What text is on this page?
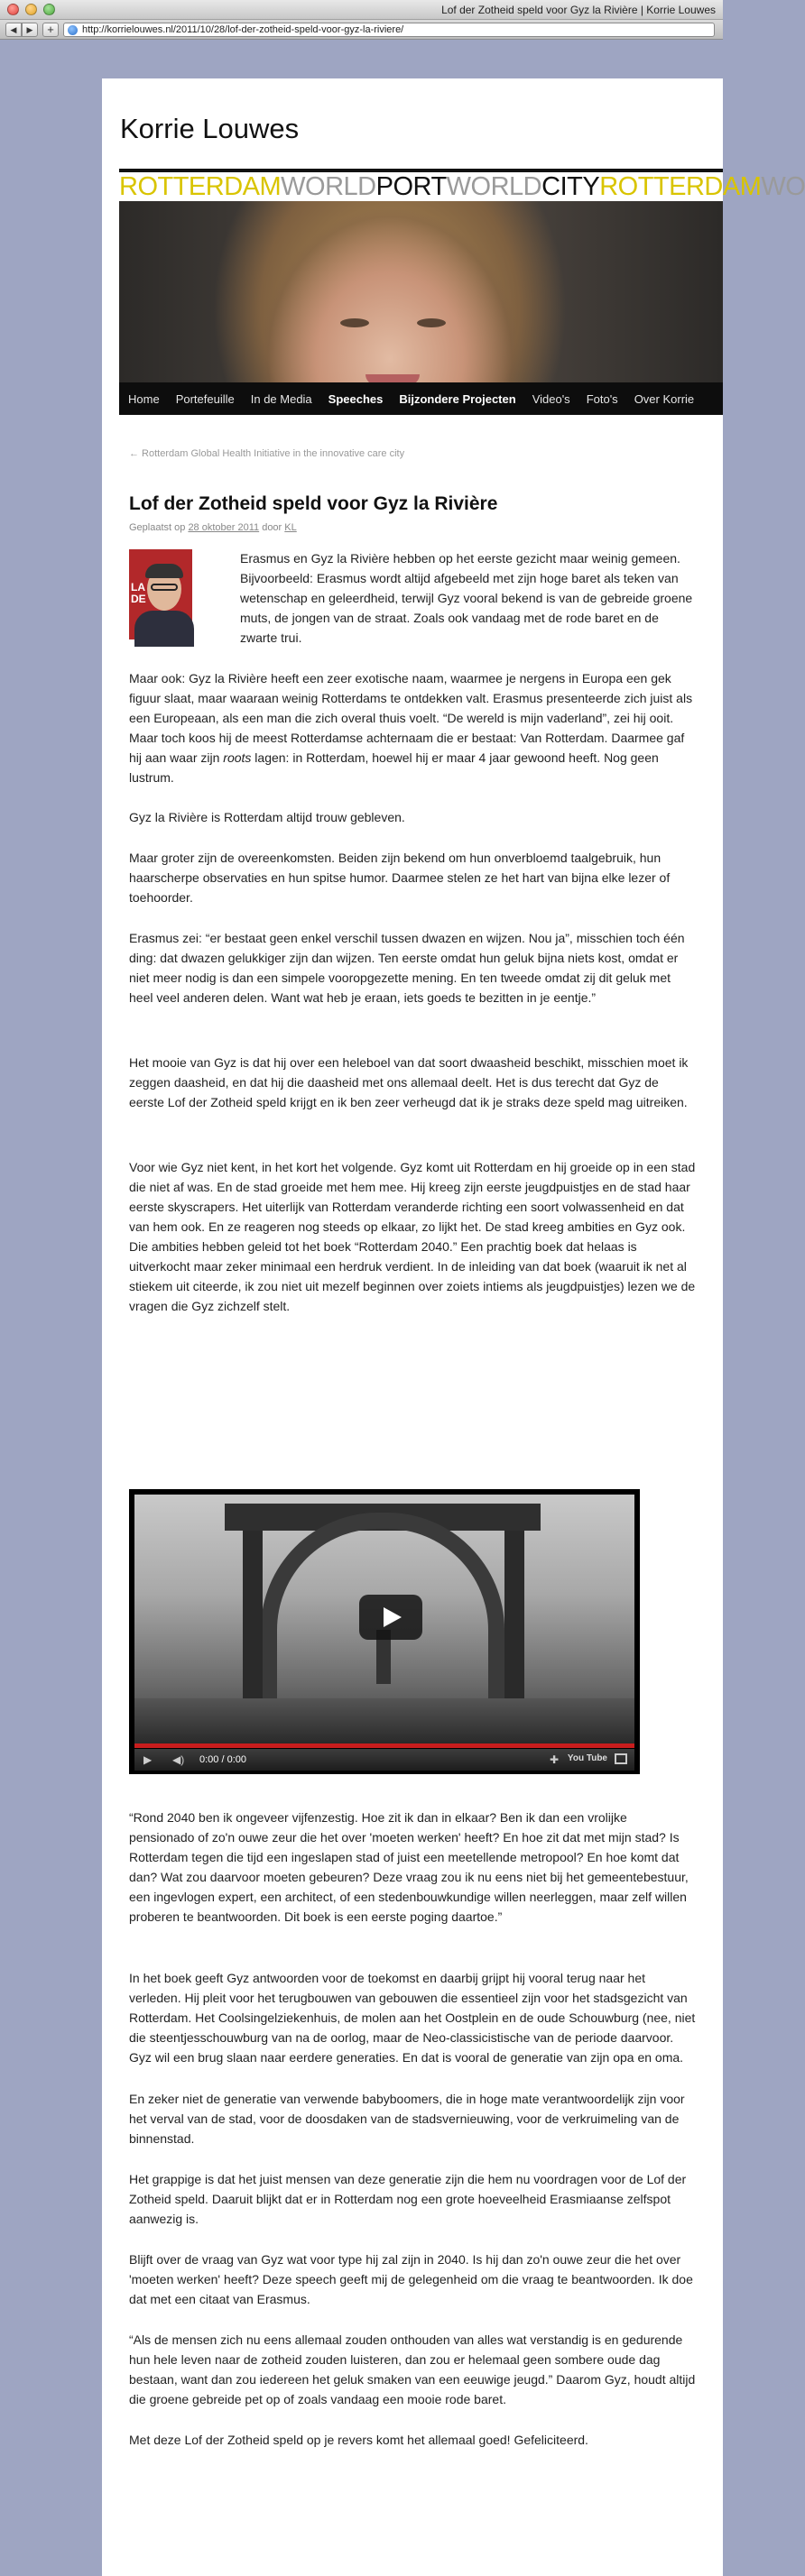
Lof der Zotheid speld voor Gyz la Rivière | Korrie Louwes
◀	▶	+	http://korrielouwes.nl/2011/10/28/lof-der-zotheid-speld-voor-gyz-la-riviere/
Korrie Louwes
ROTTERDAMWORLDPORTWORLDCITYROTTERDAMWO
Home Portefeuille In de Media Speeches Bijzondere Projecten Video's Foto's Over Korrie
← Rotterdam Global Health Initiative in the innovative care city
Lof der Zotheid speld voor Gyz la Rivière
Geplaatst op 28 oktober 2011 door KL
LA
DE

Erasmus en Gyz la Rivière hebben op het eerste gezicht maar weinig gemeen. Bijvoorbeeld: Erasmus wordt altijd afgebeeld met zijn hoge baret als teken van wetenschap en geleerdheid, terwijl Gyz vooral bekend is van de gebreide groene muts, de jongen van de straat. Zoals ook vandaag met de rode baret en de zwarte trui.

Maar ook: Gyz la Rivière heeft een zeer exotische naam, waarmee je nergens in Europa een gek figuur slaat, maar waaraan weinig Rotterdams te ontdekken valt. Erasmus presenteerde zich juist als een Europeaan, als een man die zich overal thuis voelt. “De wereld is mijn vaderland”, zei hij ooit. Maar toch koos hij de meest Rotterdamse achternaam die er bestaat: Van Rotterdam. Daarmee gaf hij aan waar zijn roots lagen: in Rotterdam, hoewel hij er maar 4 jaar gewoond heeft. Nog geen lustrum.

Gyz la Rivière is Rotterdam altijd trouw gebleven.

Maar groter zijn de overeenkomsten. Beiden zijn bekend om hun onverbloemd taalgebruik, hun haarscherpe observaties en hun spitse humor. Daarmee stelen ze het hart van bijna elke lezer of toehoorder.

Erasmus zei: “er bestaat geen enkel verschil tussen dwazen en wijzen. Nou ja”, misschien toch één ding: dat dwazen gelukkiger zijn dan wijzen. Ten eerste omdat hun geluk bijna niets kost, omdat er niet meer nodig is dan een simpele vooropgezette mening. En ten tweede omdat zij dit geluk met heel veel anderen delen. Want wat heb je eraan, iets goeds te bezitten in je eentje.”

Het mooie van Gyz is dat hij over een heleboel van dat soort dwaasheid beschikt, misschien moet ik zeggen daasheid, en dat hij die daasheid met ons allemaal deelt. Het is dus terecht dat Gyz de eerste Lof der Zotheid speld krijgt en ik ben zeer verheugd dat ik je straks deze speld mag uitreiken.

Voor wie Gyz niet kent, in het kort het volgende. Gyz komt uit Rotterdam en hij groeide op in een stad die niet af was. En de stad groeide met hem mee. Hij kreeg zijn eerste jeugdpuistjes en de stad haar eerste skyscrapers. Het uiterlijk van Rotterdam veranderde richting een soort volwassenheid en dat van hem ook. En ze reageren nog steeds op elkaar, zo lijkt het. De stad kreeg ambities en Gyz ook. Die ambities hebben geleid tot het boek “Rotterdam 2040.” Een prachtig boek dat helaas is uitverkocht maar zeker minimaal een herdruk verdient. In de inleiding van dat boek (waaruit ik net al stiekem uit citeerde, ik zou niet uit mezelf beginnen over zoiets intiems als jeugdpuistjes) lezen we de vragen die Gyz zichzelf stelt.

▶ ◀) 0:00 / 0:00	✚ You Tube

“Rond 2040 ben ik ongeveer vijfenzestig. Hoe zit ik dan in elkaar? Ben ik dan een vrolijke pensionado of zo'n ouwe zeur die het over 'moeten werken' heeft? En hoe zit dat met mijn stad? Is Rotterdam tegen die tijd een ingeslapen stad of juist een meetellende metropool? En hoe komt dat dan? Wat zou daarvoor moeten gebeuren? Deze vraag zou ik nu eens niet bij het gemeentebestuur, een ingevlogen expert, een architect, of een stedenbouwkundige willen neerleggen, maar zelf willen proberen te beantwoorden. Dit boek is een eerste poging daartoe.”

In het boek geeft Gyz antwoorden voor de toekomst en daarbij grijpt hij vooral terug naar het verleden. Hij pleit voor het terugbouwen van gebouwen die essentieel zijn voor het stadsgezicht van Rotterdam. Het Coolsingelziekenhuis, de molen aan het Oostplein en de oude Schouwburg (nee, niet die steentjesschouwburg van na de oorlog, maar de Neo-classicistische van de periode daarvoor. Gyz wil een brug slaan naar eerdere generaties. En dat is vooral de generatie van zijn opa en oma.

En zeker niet de generatie van verwende babyboomers, die in hoge mate verantwoordelijk zijn voor het verval van de stad, voor de doosdaken van de stadsvernieuwing, voor de verkruimeling van de binnenstad.

Het grappige is dat het juist mensen van deze generatie zijn die hem nu voordragen voor de Lof der Zotheid speld. Daaruit blijkt dat er in Rotterdam nog een grote hoeveelheid Erasmiaanse zelfspot aanwezig is.

Blijft over de vraag van Gyz wat voor type hij zal zijn in 2040. Is hij dan zo'n ouwe zeur die het over 'moeten werken' heeft? Deze speech geeft mij de gelegenheid om die vraag te beantwoorden. Ik doe dat met een citaat van Erasmus.

“Als de mensen zich nu eens allemaal zouden onthouden van alles wat verstandig is en gedurende hun hele leven naar de zotheid zouden luisteren, dan zou er helemaal geen sombere oude dag bestaan, want dan zou iedereen het geluk smaken van een eeuwige jeugd.” Daarom Gyz, houdt altijd die groene gebreide pet op of zoals vandaag een mooie rode baret.

Met deze Lof der Zotheid speld op je revers komt het allemaal goed! Gefeliciteerd.
